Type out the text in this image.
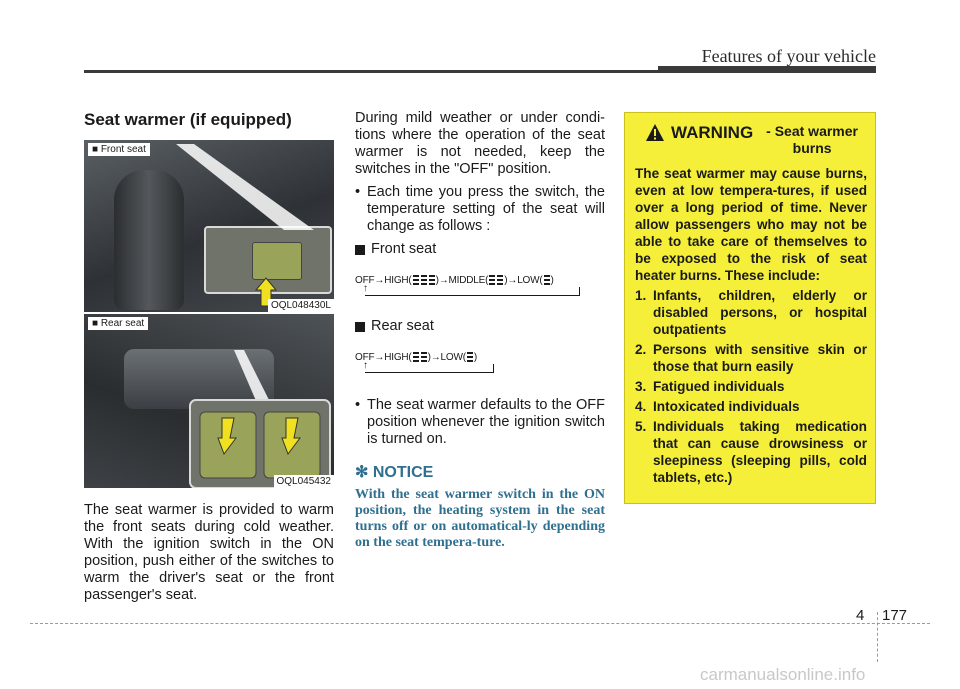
Features of your vehicle
Seat warmer (if equipped)
■ Front seat
OQL048430L
■ Rear seat
OQL045432

The seat warmer is provided to warm the front seats during cold weather. With the ignition switch in the ON position, push either of the switches to warm the driver's seat or the front passenger's seat.

During mild weather or under condi-tions where the operation of the seat warmer is not needed, keep the switches in the "OFF" position.

• Each time you press the switch, the temperature setting of the seat will change as follows :
Front seat
OFF→HIGH( )→MIDDLE( )→LOW( )
↑
Rear seat
OFF→HIGH( )→LOW( )
↑
• The seat warmer defaults to the OFF position whenever the ignition switch is turned on.
✻ NOTICE
With the seat warmer switch in the ON position, the heating system in the seat turns off or on automatical-ly depending on the seat tempera-ture.
WARNING - Seat warmer burns
The seat warmer may cause burns, even at low tempera-tures, if used over a long period of time. Never allow passengers who may not be able to take care of themselves to be exposed to the risk of seat heater burns. These include:
1. Infants, children, elderly or disabled persons, or hospital outpatients
2. Persons with sensitive skin or those that burn easily
3. Fatigued individuals
4. Intoxicated individuals
5. Individuals taking medication that can cause drowsiness or sleepiness (sleeping pills, cold tablets, etc.)
4 177
carmanualsonline.info
